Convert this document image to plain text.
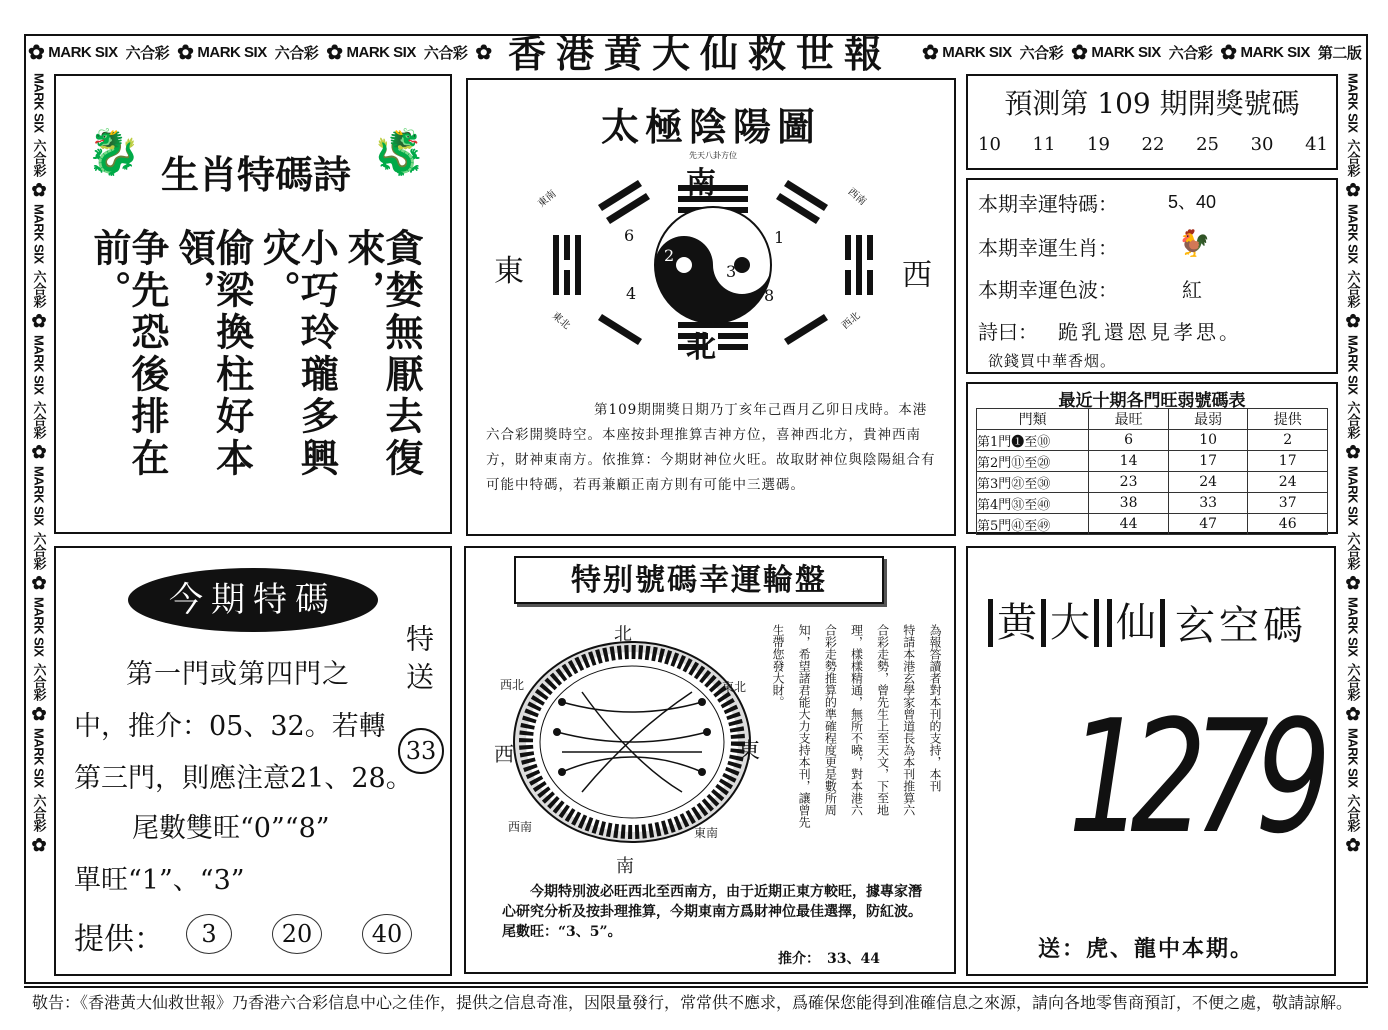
✿ MARK SIX 六合彩 ✿ MARK SIX 六合彩 ✿ MARK SIX 六合彩 ✿ 香港黄大仙救世報	✿ MARK SIX 六合彩 ✿ MARK SIX 六合彩 ✿ MARK SIX 第二版
MARK SIX
六合彩
✿
MARK SIX
六合彩
✿
MARK SIX
六合彩
✿
MARK SIX
六合彩
✿
MARK SIX
六合彩
✿
MARK SIX
六合彩
✿
MARK SIX
六合彩
✿
MARK SIX
六合彩
✿
MARK SIX
六合彩
✿
MARK SIX
六合彩
✿
MARK SIX
六合彩
✿
MARK SIX
六合彩
✿
🐉 生肖特碼詩 🐉
争先恐後排在前。	偷梁換柱好本領，	小巧玲瓏多興灾。	貪婪無厭去復來，
太極陰陽圖
先天八卦方位
南
北
東	西
東南	西南
東北	西北
6	1
2
3
4	8
第109期開獎日期乃丁亥年己酉月乙卯日戌時。本港六合彩開獎時空。本座按卦理推算吉神方位，喜神西北方，貴神西南方，財神東南方。依推算：今期財神位火旺。故取財神位與陰陽組合有可能中特碼，若再兼顧正南方則有可能中三選碼。
預測第 109 期開獎號碼
10 11 19 22 25 30 41
本期幸運特碼：	5、40
本期幸運生肖： 🐓
本期幸運色波：	紅
詩曰： 跪乳還恩見孝思。
欲錢買中華香烟。
最近十期各門旺弱號碼表
門類	最旺	最弱	提供
第1門❶至⑩	6	10	2
第2門⑪至⑳	14	17	17
第3門㉑至㉚	23	24	24
第4門㉛至㊵	38	33	37
第5門㊶至㊾	44	47	46
今期特碼
第一門或第四門之
中，推介：05、32。若轉
第三門，則應注意21、28。
尾數雙旺“0”“8”
單旺“1”、“3”
特送
33
提供：	3	20	40
特别號碼幸運輪盤
北
南
西	東
西北	東北
西南	東南
為報答讀者對本刊的支持，本刊
特請本港玄學家曾道長為本刊推算六
合彩走勢，曾先生上至天文，下至地
理，樣樣精通，無所不曉，對本港六
合彩走勢推算的準確程度更是數所周
知，希望諸君能大力支持本刊，讓曾先
生帶您發大財。
今期特別波必旺西北至西南方，由于近期正東方較旺，據專家潛心研究分析及按卦理推算，今期東南方爲財神位最佳選擇，防紅波。尾數旺：“3、5”。
推介：　33、44
黄 大 仙 玄空碼
1279
送：虎、龍中本期。
敬告：《香港黃大仙救世報》乃香港六合彩信息中心之佳作，提供之信息奇准，因限量發行，常常供不應求，爲確保您能得到准確信息之來源，請向各地零售商預訂，不便之處，敬請諒解。
